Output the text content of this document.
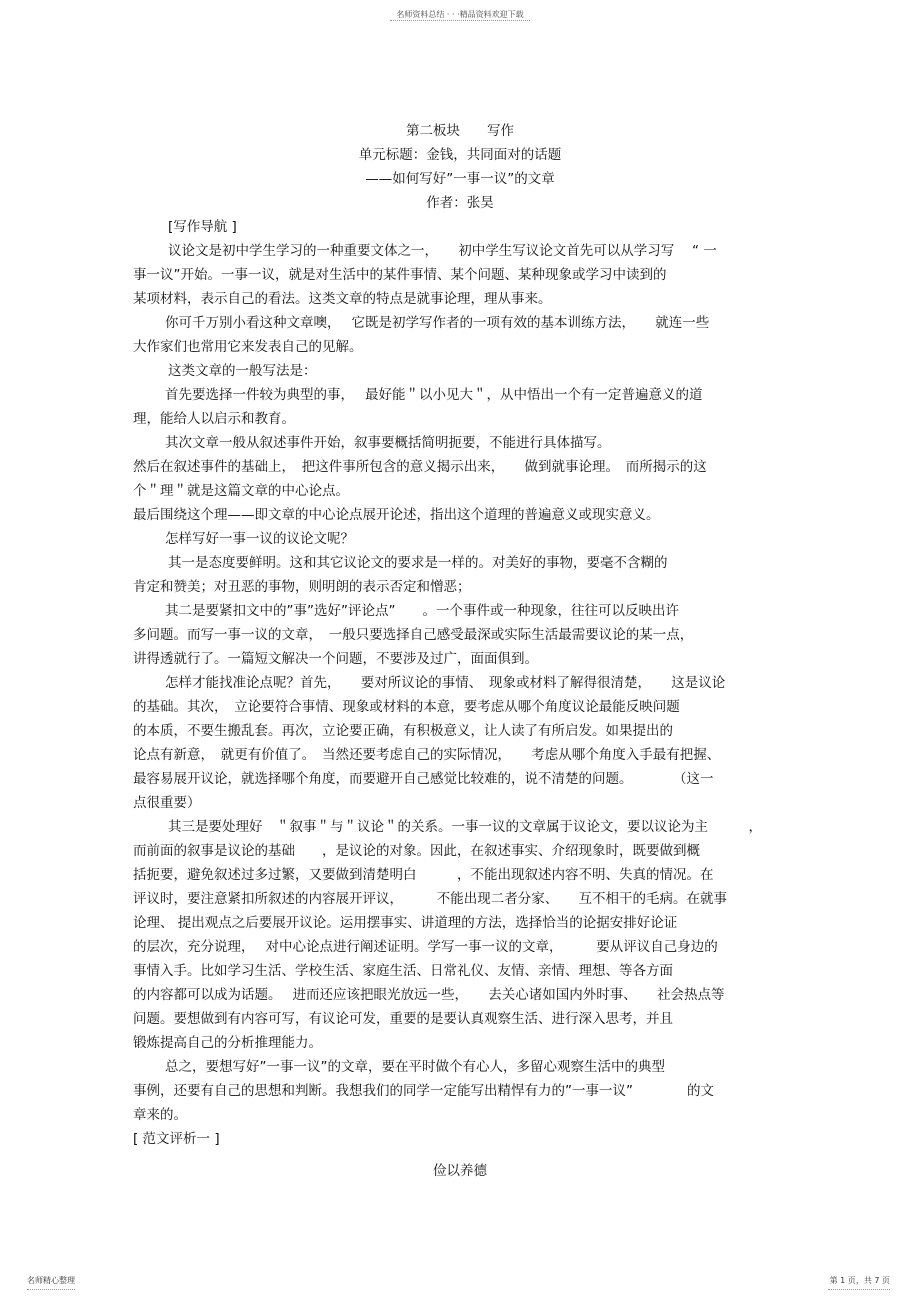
名师资料总结 · · ·精品资料欢迎下载
第二板块　　写作
单元标题：金钱，共同面对的话题
——如何写好”一事一议”的文章
作者：张昊
[写作导航 ]
议论文是初中学生学习的一种重要文体之一，　　初中学生写议论文首先可以从学习写　 “ 一
事一议”开始。一事一议，就是对生活中的某件事情、某个问题、某种现象或学习中读到的
某项材料，表示自己的看法。这类文章的特点是就事论理，理从事来。
你可千万别小看这种文章噢，　 它既是初学写作者的一项有效的基本训练方法，　　就连一些
大作家们也常用它来发表自己的见解。
这类文章的一般写法是：
首先要选择一件较为典型的事，　 最好能＂以小见大＂，从中悟出一个有一定普遍意义的道
理，能给人以启示和教育。
其次文章一般从叙述事件开始，叙事要概括简明扼要，不能进行具体描写。
然后在叙述事件的基础上，　把这件事所包含的意义揭示出来，　　做到就事论理。　而所揭示的这
个＂理＂就是这篇文章的中心论点。
最后围绕这个理——即文章的中心论点展开论述，指出这个道理的普遍意义或现实意义。
怎样写好一事一议的议论文呢？
其一是态度要鲜明。这和其它议论文的要求是一样的。对美好的事物，要毫不含糊的
肯定和赞美；对丑恶的事物，则明朗的表示否定和憎恶；
其二是要紧扣文中的”事”选好”评论点”　　。一个事件或一种现象，往往可以反映出许
多问题。而写一事一议的文章，　一般只要选择自己感受最深或实际生活最需要议论的某一点，
讲得透就行了。一篇短文解决一个问题，不要涉及过广，面面俱到。
怎样才能找准论点呢？首先，　　要对所议论的事情、　现象或材料了解得很清楚，　　这是议论
的基础。其次，　立论要符合事情、现象或材料的本意，要考虑从哪个角度议论最能反映问题
的本质，不要生搬乱套。再次，立论要正确，有积极意义，让人读了有所启发。如果提出的
论点有新意，　就更有价值了。　当然还要考虑自己的实际情况，　　考虑从哪个角度入手最有把握、
最容易展开议论，就选择哪个角度，而要避开自己感觉比较难的，说不清楚的问题。　　　　（这一
点很重要）
其三是要处理好　＂叙事＂与＂议论＂的关系。一事一议的文章属于议论文，要以议论为主　　　，
而前面的叙事是议论的基础　　，是议论的对象。因此，在叙述事实、介绍现象时，既要做到概
括扼要，避免叙述过多过繁，又要做到清楚明白　　　，不能出现叙述内容不明、失真的情况。在
评议时，要注意紧扣所叙述的内容展开评议，　　　不能出现二者分家、　　互不相干的毛病。在就事
论理、 提出观点之后要展开议论。运用摆事实、讲道理的方法，选择恰当的论据安排好论证
的层次，充分说理，　 对中心论点进行阐述证明。学写一事一议的文章，　　　要从评议自己身边的
事情入手。比如学习生活、学校生活、家庭生活、日常礼仪、友情、亲情、理想、等各方面
的内容都可以成为话题。　 进而还应该把眼光放远一些，　　去关心诸如国内外时事、　　社会热点等
问题。要想做到有内容可写，有议论可发，重要的是要认真观察生活、进行深入思考，并且
锻炼提高自己的分析推理能力。
总之，要想写好”一事一议”的文章，要在平时做个有心人，多留心观察生活中的典型
事例，还要有自己的思想和判断。我想我们的同学一定能写出精悍有力的”一事一议”　　　　的文
章来的。
[ 范文评析一 ]
俭以养德
名师精心整理	第 1 页，共 7 页
